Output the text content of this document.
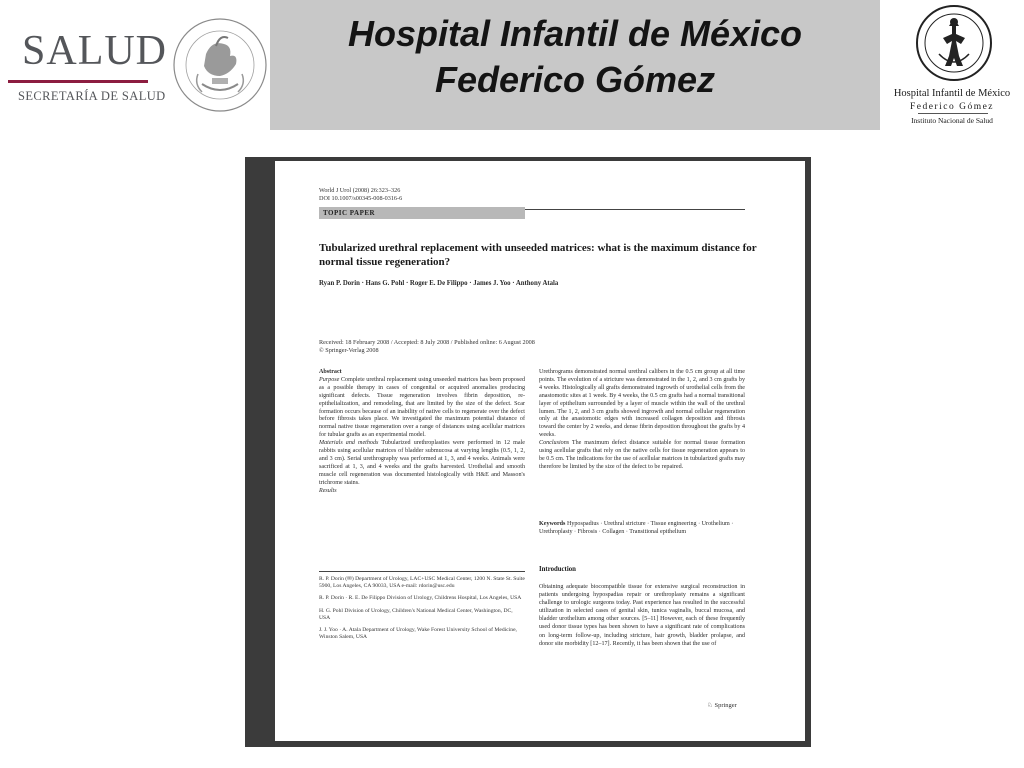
SALUD
SECRETARÍA DE SALUD
Hospital Infantil de México
Federico Gómez	Hospital Infantil de México
Federico Gómez
Instituto Nacional de Salud
World J Urol (2008) 26:323–326
DOI 10.1007/s00345-008-0316-6
TOPIC PAPER
Tubularized urethral replacement with unseeded matrices: what is the maximum distance for normal tissue regeneration?
Ryan P. Dorin · Hans G. Pohl · Roger E. De Filippo · James J. Yoo · Anthony Atala
Received: 18 February 2008 / Accepted: 8 July 2008 / Published online: 6 August 2008
© Springer-Verlag 2008
Abstract
Purpose Complete urethral replacement using unseeded matrices has been proposed as a possible therapy in cases of congenital or acquired anomalies producing significant defects. Tissue regeneration involves fibrin deposition, re-epithelialization, and remodeling, that are limited by the size of the defect. Scar formation occurs because of an inability of native cells to regenerate over the defect before fibrosis takes place. We investigated the maximum potential distance of normal native tissue regeneration over a range of distances using acellular matrices for tubular grafts as an experimental model.
Materials and methods Tubularized urethroplasties were performed in 12 male rabbits using acellular matrices of bladder submucosa at varying lengths (0.5, 1, 2, and 3 cm). Serial urethrography was performed at 1, 3, and 4 weeks. Animals were sacrificed at 1, 3, and 4 weeks and the grafts harvested. Urothelial and smooth muscle cell regeneration was documented histologically with H&E and Masson's trichrome stains.
Results
Urethrograms demonstrated normal urethral calibers in the 0.5 cm group at all time points. The evolution of a stricture was demonstrated in the 1, 2, and 3 cm grafts by 4 weeks. Histologically all grafts demonstrated ingrowth of urothelial cells from the anastomotic sites at 1 week. By 4 weeks, the 0.5 cm grafts had a normal transitional layer of epithelium surrounded by a layer of muscle within the wall of the urethral lumen. The 1, 2, and 3 cm grafts showed ingrowth and normal cellular regeneration only at the anastomotic edges with increased collagen deposition and fibrosis toward the center by 2 weeks, and dense fibrin deposition throughout the grafts by 4 weeks.
Conclusions The maximum defect distance suitable for normal tissue formation using acellular grafts that rely on the native cells for tissue regeneration appears to be 0.5 cm. The indications for the use of acellular matrices in tubularized grafts may therefore be limited by the size of the defect to be repaired.

R. P. Dorin (✉) Department of Urology, LAC+USC Medical Center, 1200 N. State St. Suite 5900, Los Angeles, CA 90033, USA e-mail: rdorin@usc.edu

R. P. Dorin · R. E. De Filippo Division of Urology, Childrens Hospital, Los Angeles, USA

H. G. Pohl Division of Urology, Children's National Medical Center, Washington, DC, USA

J. J. Yoo · A. Atala Department of Urology, Wake Forest University School of Medicine, Winston Salem, USA

Keywords Hypospadius · Urethral stricture · Tissue engineering · Urothelium · Urethroplasty · Fibrosis · Collagen · Transitional epithelium
Introduction
Obtaining adequate biocompatible tissue for extensive surgical reconstruction in patients undergoing hypospadias repair or urethroplasty remains a significant challenge to urologic surgeons today. Past experience has resulted in the successful utilization in selected cases of genital skin, tunica vaginalis, buccal mucosa, and bladder urothelium among other sources. [5–11] However, each of these frequently used donor tissue types has been shown to have a significant rate of complications on long-term follow-up, including stricture, hair growth, bladder prolapse, and donor site morbidity [12–17]. Recently, it has been shown that the use of
♘ Springer
